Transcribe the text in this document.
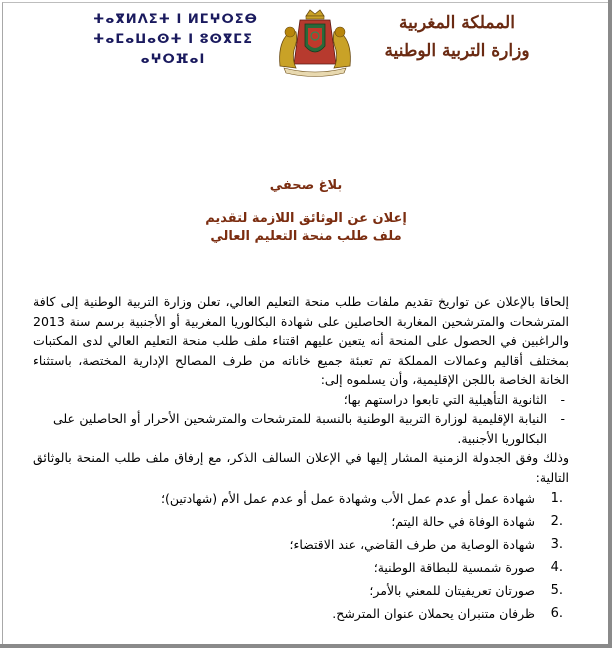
ⵜⴰⴳⵍⴷⵉⵜ ⵏ ⵍⵎⵖⵔⵉⴱ
ⵜⴰⵎⴰⵡⴰⵙⵜ ⵏ ⵓⵙⴳⵎⵉ
ⴰⵖⵔⴼⴰⵏ
المملكة المغربية
وزارة التربية الوطنية
بلاغ صحفي
إعلان عن الوثائق اللازمة لتقديم
ملف طلب منحة التعليم العالي

إلحاقا بالإعلان عن تواريخ تقديم ملفات طلب منحة التعليم العالي، تعلن وزارة التربية الوطنية إلى كافة المترشحات والمترشحين المغاربة الحاصلين على شهادة البكالوريا المغربية أو الأجنبية برسم سنة 2013 والراغبين في الحصول على المنحة أنه يتعين عليهم اقتناء ملف طلب منحة التعليم العالي لدى المكتبات بمختلف أقاليم وعمالات المملكة تم تعبئة جميع خاناته من طرف المصالح الإدارية المختصة، باستثناء الخانة الخاصة باللجن الإقليمية، وأن يسلموه إلى:

-
الثانوية التأهيلية التي تابعوا دراستهم بها؛
-
النيابة الإقليمية لوزارة التربية الوطنية بالنسبة للمترشحات والمترشحين الأحرار أو الحاصلين على البكالوريا الأجنبية.

وذلك وفق الجدولة الزمنية المشار إليها في الإعلان السالف الذكر، مع إرفاق ملف طلب المنحة بالوثائق التالية:

1.
شهادة عمل أو عدم عمل الأب وشهادة عمل أو عدم عمل الأم (شهادتين)؛
2.
شهادة الوفاة في حالة اليتم؛
3.
شهادة الوصاية من طرف القاضي، عند الاقتضاء؛
4.
صورة شمسية للبطاقة الوطنية؛
5.
صورتان تعريفيتان للمعني بالأمر؛
6.
ظرفان متنبران يحملان عنوان المترشح.
